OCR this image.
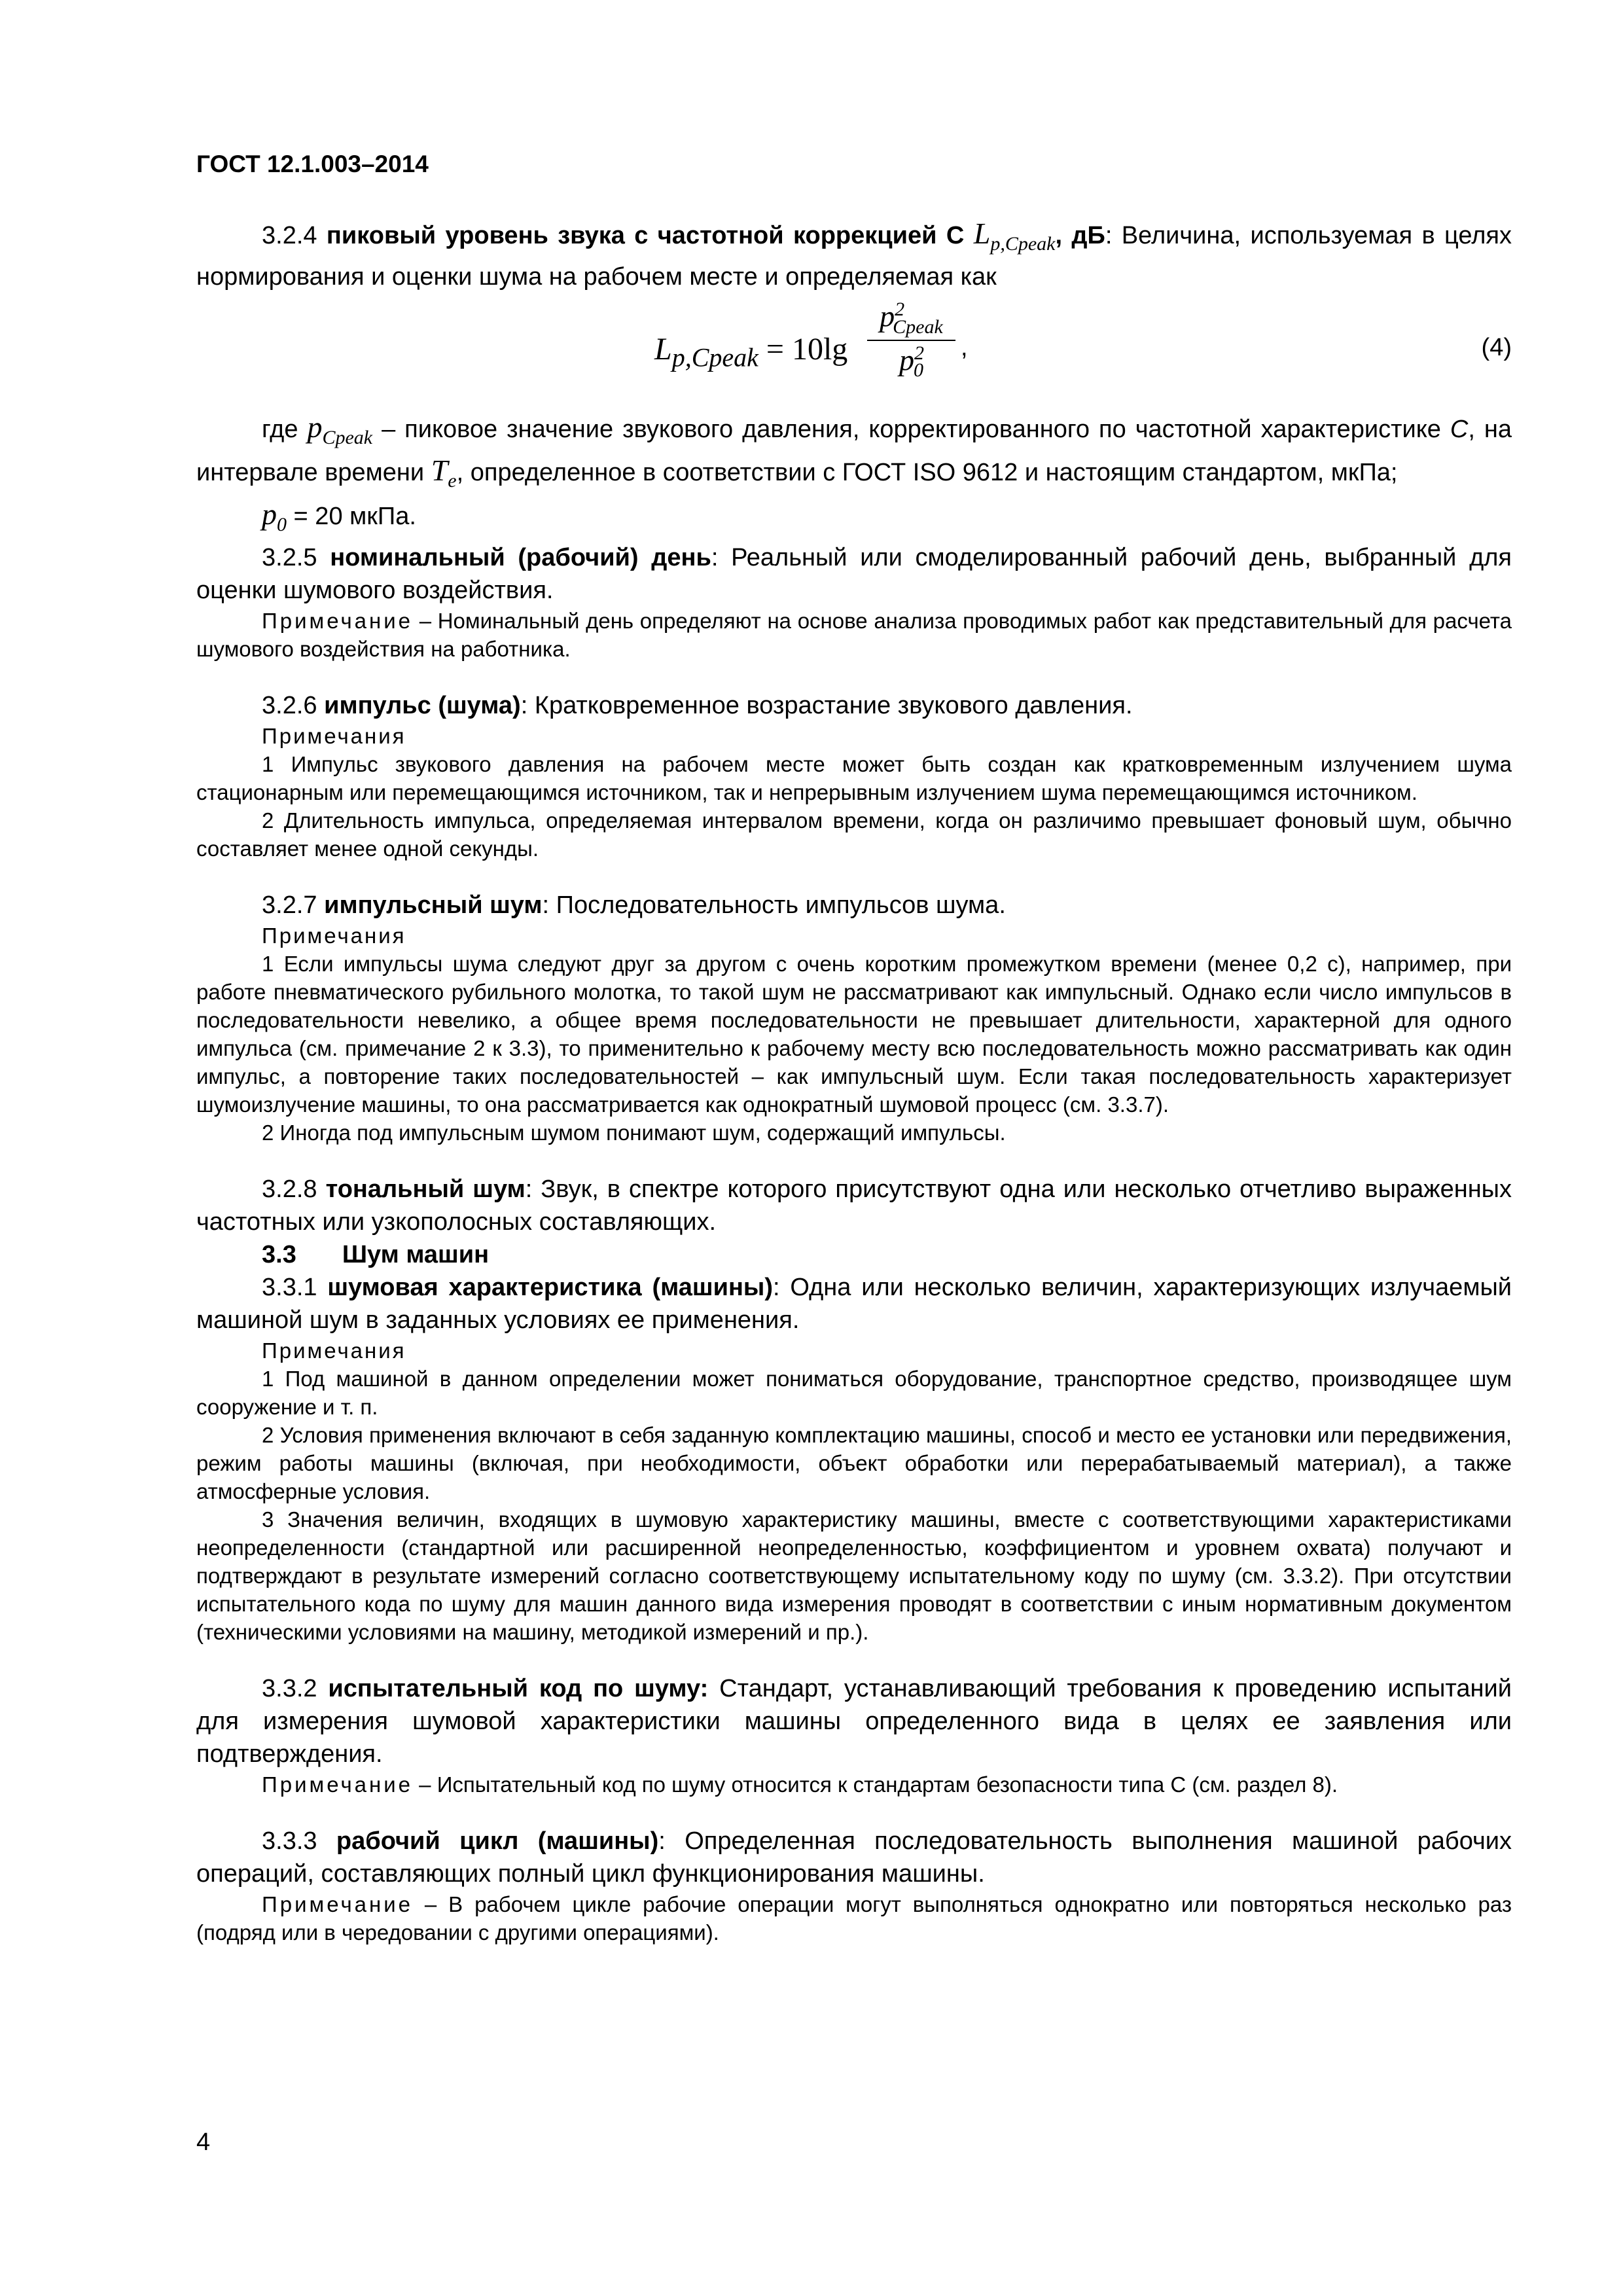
ГОСТ 12.1.003–2014
3.2.4 пиковый уровень звука с частотной коррекцией С $L_{p,Cpeak}$, дБ: Величина, используемая в целях нормирования и оценки шума на рабочем месте и определяемая как
$L_{p,Cpeak} = 10\lg$
$p^2_{Cpeak}$
$p^2_0$
,	(4)
где $p_{Cpeak}$ – пиковое значение звукового давления, корректированного по частотной характеристике С, на интервале времени $T_e$, определенное в соответствии с ГОСТ ISO 9612 и настоящим стандартом, мкПа;
$p_0 = 20$ мкПа.
3.2.5 номинальный (рабочий) день: Реальный или смоделированный рабочий день, выбранный для оценки шумового воздействия.
Примечание – Номинальный день определяют на основе анализа проводимых работ как представительный для расчета шумового воздействия на работника.
3.2.6 импульс (шума): Кратковременное возрастание звукового давления.
Примечания
1 Импульс звукового давления на рабочем месте может быть создан как кратковременным излучением шума стационарным или перемещающимся источником, так и непрерывным излучением шума перемещающимся источником.
2 Длительность импульса, определяемая интервалом времени, когда он различимо превышает фоновый шум, обычно составляет менее одной секунды.
3.2.7 импульсный шум: Последовательность импульсов шума.
Примечания
1 Если импульсы шума следуют друг за другом с очень коротким промежутком времени (менее 0,2 с), например, при работе пневматического рубильного молотка, то такой шум не рассматривают как импульсный. Однако если число импульсов в последовательности невелико, а общее время последовательности не превышает длительности, характерной для одного импульса (см. примечание 2 к 3.3), то применительно к рабочему месту всю последовательность можно рассматривать как один импульс, а повторение таких последовательностей – как импульсный шум. Если такая последовательность характеризует шумоизлучение машины, то она рассматривается как однократный шумовой процесс (см. 3.3.7).
2 Иногда под импульсным шумом понимают шум, содержащий импульсы.
3.2.8 тональный шум: Звук, в спектре которого присутствуют одна или несколько отчетливо выраженных частотных или узкополосных составляющих.
3.3 Шум машин
3.3.1 шумовая характеристика (машины): Одна или несколько величин, характеризующих излучаемый машиной шум в заданных условиях ее применения.
Примечания
1 Под машиной в данном определении может пониматься оборудование, транспортное средство, производящее шум сооружение и т. п.
2 Условия применения включают в себя заданную комплектацию машины, способ и место ее установки или передвижения, режим работы машины (включая, при необходимости, объект обработки или перерабатываемый материал), а также атмосферные условия.
3 Значения величин, входящих в шумовую характеристику машины, вместе с соответствующими характеристиками неопределенности (стандартной или расширенной неопределенностью, коэффициентом и уровнем охвата) получают и подтверждают в результате измерений согласно соответствующему испытательному коду по шуму (см. 3.3.2). При отсутствии испытательного кода по шуму для машин данного вида измерения проводят в соответствии с иным нормативным документом (техническими условиями на машину, методикой измерений и пр.).
3.3.2 испытательный код по шуму: Стандарт, устанавливающий требования к проведению испытаний для измерения шумовой характеристики машины определенного вида в целях ее заявления или подтверждения.
Примечание – Испытательный код по шуму относится к стандартам безопасности типа С (см. раздел 8).
3.3.3 рабочий цикл (машины): Определенная последовательность выполнения машиной рабочих операций, составляющих полный цикл функционирования машины.
Примечание – В рабочем цикле рабочие операции могут выполняться однократно или повторяться несколько раз (подряд или в чередовании с другими операциями).
4
